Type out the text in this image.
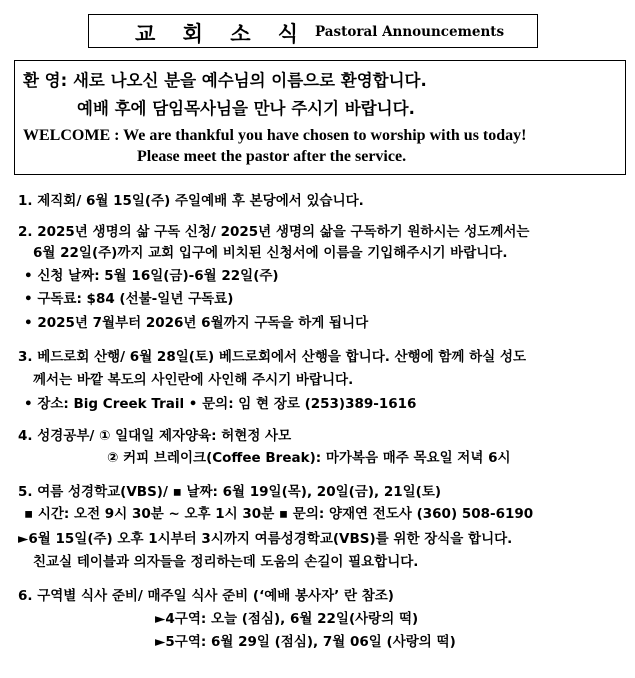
교 회 소 식 Pastoral Announcements
환 영: 새로 나오신 분을 예수님의 이름으로 환영합니다.
예배 후에 담임목사님을 만나 주시기 바랍니다.
WELCOME : We are thankful you have chosen to worship with us today!
Please meet the pastor after the service.
1. 제직회/ 6월 15일(주) 주일예배 후 본당에서 있습니다.
2. 2025년 생명의 삶 구독 신청/ 2025년 생명의 삶을 구독하기 원하시는 성도께서는
6월 22일(주)까지 교회 입구에 비치된 신청서에 이름을 기입해주시기 바랍니다.
• 신청 날짜: 5월 16일(금)-6월 22일(주)
• 구독료: $84 (선불-일년 구독료)
• 2025년 7월부터 2026년 6월까지 구독을 하게 됩니다
3. 베드로회 산행/ 6월 28일(토) 베드로회에서 산행을 합니다. 산행에 함께 하실 성도
께서는 바깥 복도의 사인란에 사인해 주시기 바랍니다.
• 장소: Big Creek Trail • 문의: 임 현 장로 (253)389-1616
4. 성경공부/ ① 일대일 제자양육: 허현정 사모
② 커피 브레이크(Coffee Break): 마가복음 매주 목요일 저녁 6시
5. 여름 성경학교(VBS)/ ▪ 날짜: 6월 19일(목), 20일(금), 21일(토)
▪ 시간: 오전 9시 30분 ~ 오후 1시 30분 ▪ 문의: 양재연 전도사 (360) 508-6190
►6월 15일(주) 오후 1시부터 3시까지 여름성경학교(VBS)를 위한 장식을 합니다.
친교실 테이블과 의자들을 정리하는데 도움의 손길이 필요합니다.
6. 구역별 식사 준비/ 매주일 식사 준비 (‘예배 봉사자’ 란 참조)
►4구역: 오늘 (점심), 6월 22일(사랑의 떡)
►5구역: 6월 29일 (점심), 7월 06일 (사랑의 떡)
